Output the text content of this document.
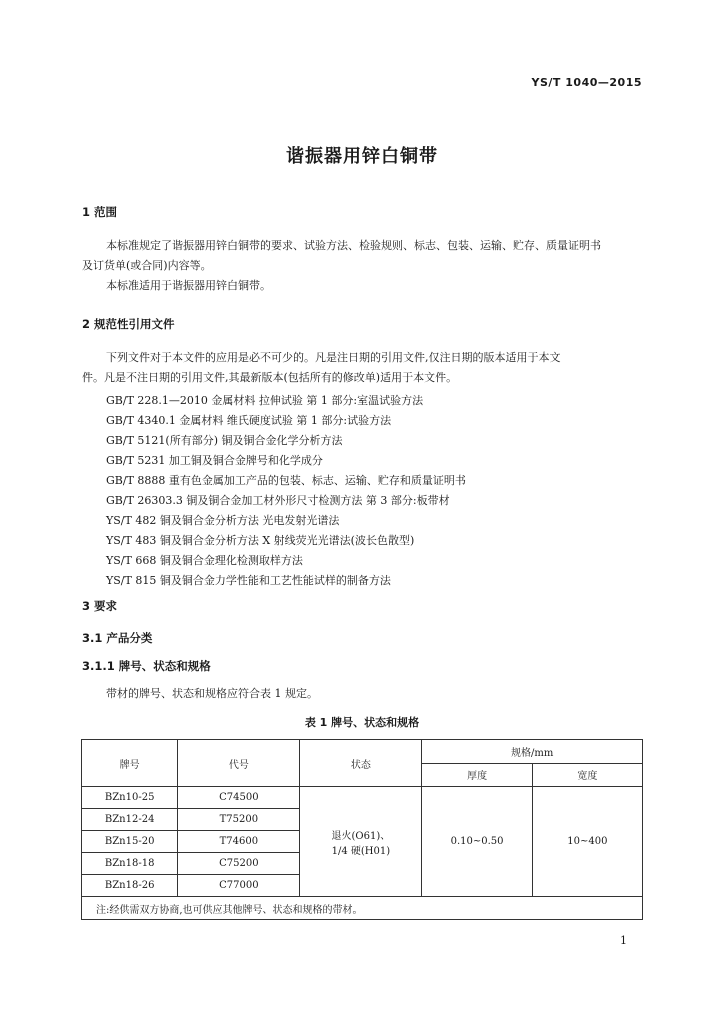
YS/T 1040—2015
谐振器用锌白铜带
1 范围
本标准规定了谐振器用锌白铜带的要求、试验方法、检验规则、标志、包装、运输、贮存、质量证明书
及订货单(或合同)内容等。
本标准适用于谐振器用锌白铜带。
2 规范性引用文件
下列文件对于本文件的应用是必不可少的。凡是注日期的引用文件,仅注日期的版本适用于本文
件。凡是不注日期的引用文件,其最新版本(包括所有的修改单)适用于本文件。
GB/T 228.1—2010 金属材料 拉伸试验 第 1 部分:室温试验方法
GB/T 4340.1 金属材料 维氏硬度试验 第 1 部分:试验方法
GB/T 5121(所有部分) 铜及铜合金化学分析方法
GB/T 5231 加工铜及铜合金牌号和化学成分
GB/T 8888 重有色金属加工产品的包装、标志、运输、贮存和质量证明书
GB/T 26303.3 铜及铜合金加工材外形尺寸检测方法 第 3 部分:板带材
YS/T 482 铜及铜合金分析方法 光电发射光谱法
YS/T 483 铜及铜合金分析方法 X 射线荧光光谱法(波长色散型)
YS/T 668 铜及铜合金理化检测取样方法
YS/T 815 铜及铜合金力学性能和工艺性能试样的制备方法
3 要求
3.1 产品分类
3.1.1 牌号、状态和规格
带材的牌号、状态和规格应符合表 1 规定。
表 1 牌号、状态和规格
牌号	代号	状态	规格/mm	
			厚度	宽度
BZn10-25	C74500	退火(O61)、
1/4 硬(H01)	0.10~0.50	10~400
BZn12-24	T75200			
BZn15-20	T74600			
BZn18-18	C75200			
BZn18-26	C77000			
注:经供需双方协商,也可供应其他牌号、状态和规格的带材。				
1
